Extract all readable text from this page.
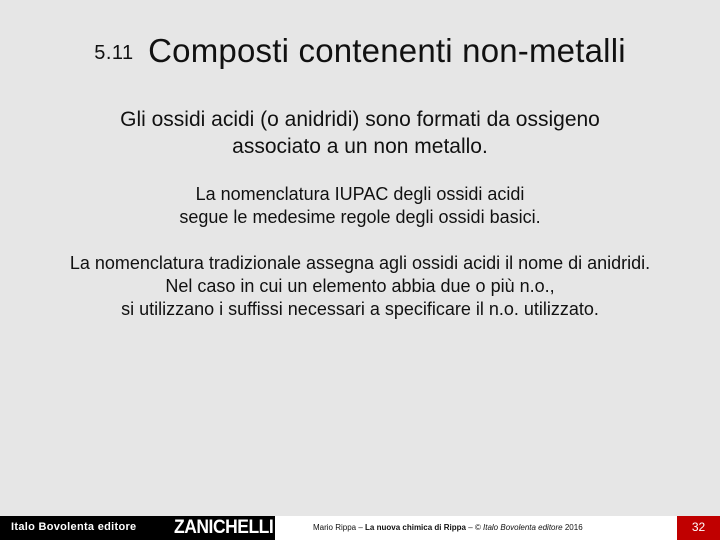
5.11 Composti contenenti non-metalli
Gli ossidi acidi (o anidridi) sono formati da ossigeno
associato a un non metallo.
La nomenclatura IUPAC degli ossidi acidi
segue le medesime regole degli ossidi basici.
La nomenclatura tradizionale assegna agli ossidi acidi il nome di anidridi.
Nel caso in cui un elemento abbia due o più n.o.,
si utilizzano i suffissi necessari a specificare il n.o. utilizzato.
Italo Bovolenta editore ZANICHELLI	Mario Rippa – La nuova chimica di Rippa – © Italo Bovolenta editore 2016	32
